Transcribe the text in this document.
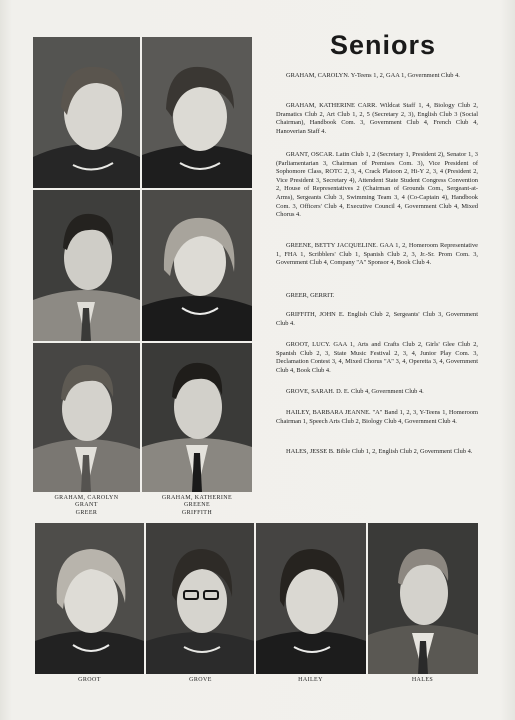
GRAHAM, CAROLYN
GRANT
GREER
GRAHAM, KATHERINE
GREENE
GRIFFITH
Seniors

GRAHAM, CAROLYN. Y-Teens 1, 2, GAA 1, Government Club 4.

GRAHAM, KATHERINE CARR. Wildcat Staff 1, 4, Biology Club 2, Dramatics Club 2, Art Club 1, 2, 5 (Secretary 2, 3), English Club 3 (Social Chairman), Handbook Com. 3, Government Club 4, French Club 4, Hanoverian Staff 4.

GRANT, OSCAR. Latin Club 1, 2 (Secretary 1, President 2), Senator 1, 3 (Parliamentarian 3, Chairman of Premises Com. 3), Vice President of Sophomore Class, ROTC 2, 3, 4, Crack Platoon 2, Hi-Y 2, 3, 4 (President 2, Vice President 3, Secretary 4), Attendent State Student Congress Convention 2, House of Representatives 2 (Chairman of Grounds Com., Sergeant-at-Arms), Sergeants Club 3, Swimming Team 3, 4 (Co-Captain 4), Handbook Com. 3, Officers' Club 4, Executive Council 4, Government Club 4, Mixed Chorus 4.

GREENE, BETTY JACQUELINE. GAA 1, 2, Homeroom Representative 1, FHA 1, Scribblers' Club 1, Spanish Club 2, 3, Jr.-Sr. Prom Com. 3, Government Club 4, Company "A" Sponsor 4, Book Club 4.

GREER, GERRIT.

GRIFFITH, JOHN E. English Club 2, Sergeants' Club 3, Government Club 4.

GROOT, LUCY. GAA 1, Arts and Crafts Club 2, Girls' Glee Club 2, Spanish Club 2, 3, State Music Festival 2, 3, 4, Junior Play Com. 3, Declamation Contest 3, 4, Mixed Chorus "A" 3, 4, Operetta 3, 4, Government Club 4, Book Club 4.

GROVE, SARAH. D. E. Club 4, Government Club 4.

HAILEY, BARBARA JEANNE. "A" Band 1, 2, 3, Y-Teens 1, Homeroom Chairman 1, Speech Arts Club 2, Biology Club 4, Government Club 4.

HALES, JESSE B. Bible Club 1, 2, English Club 2, Government Club 4.

GROOT	GROVE	HAILEY	HALES
